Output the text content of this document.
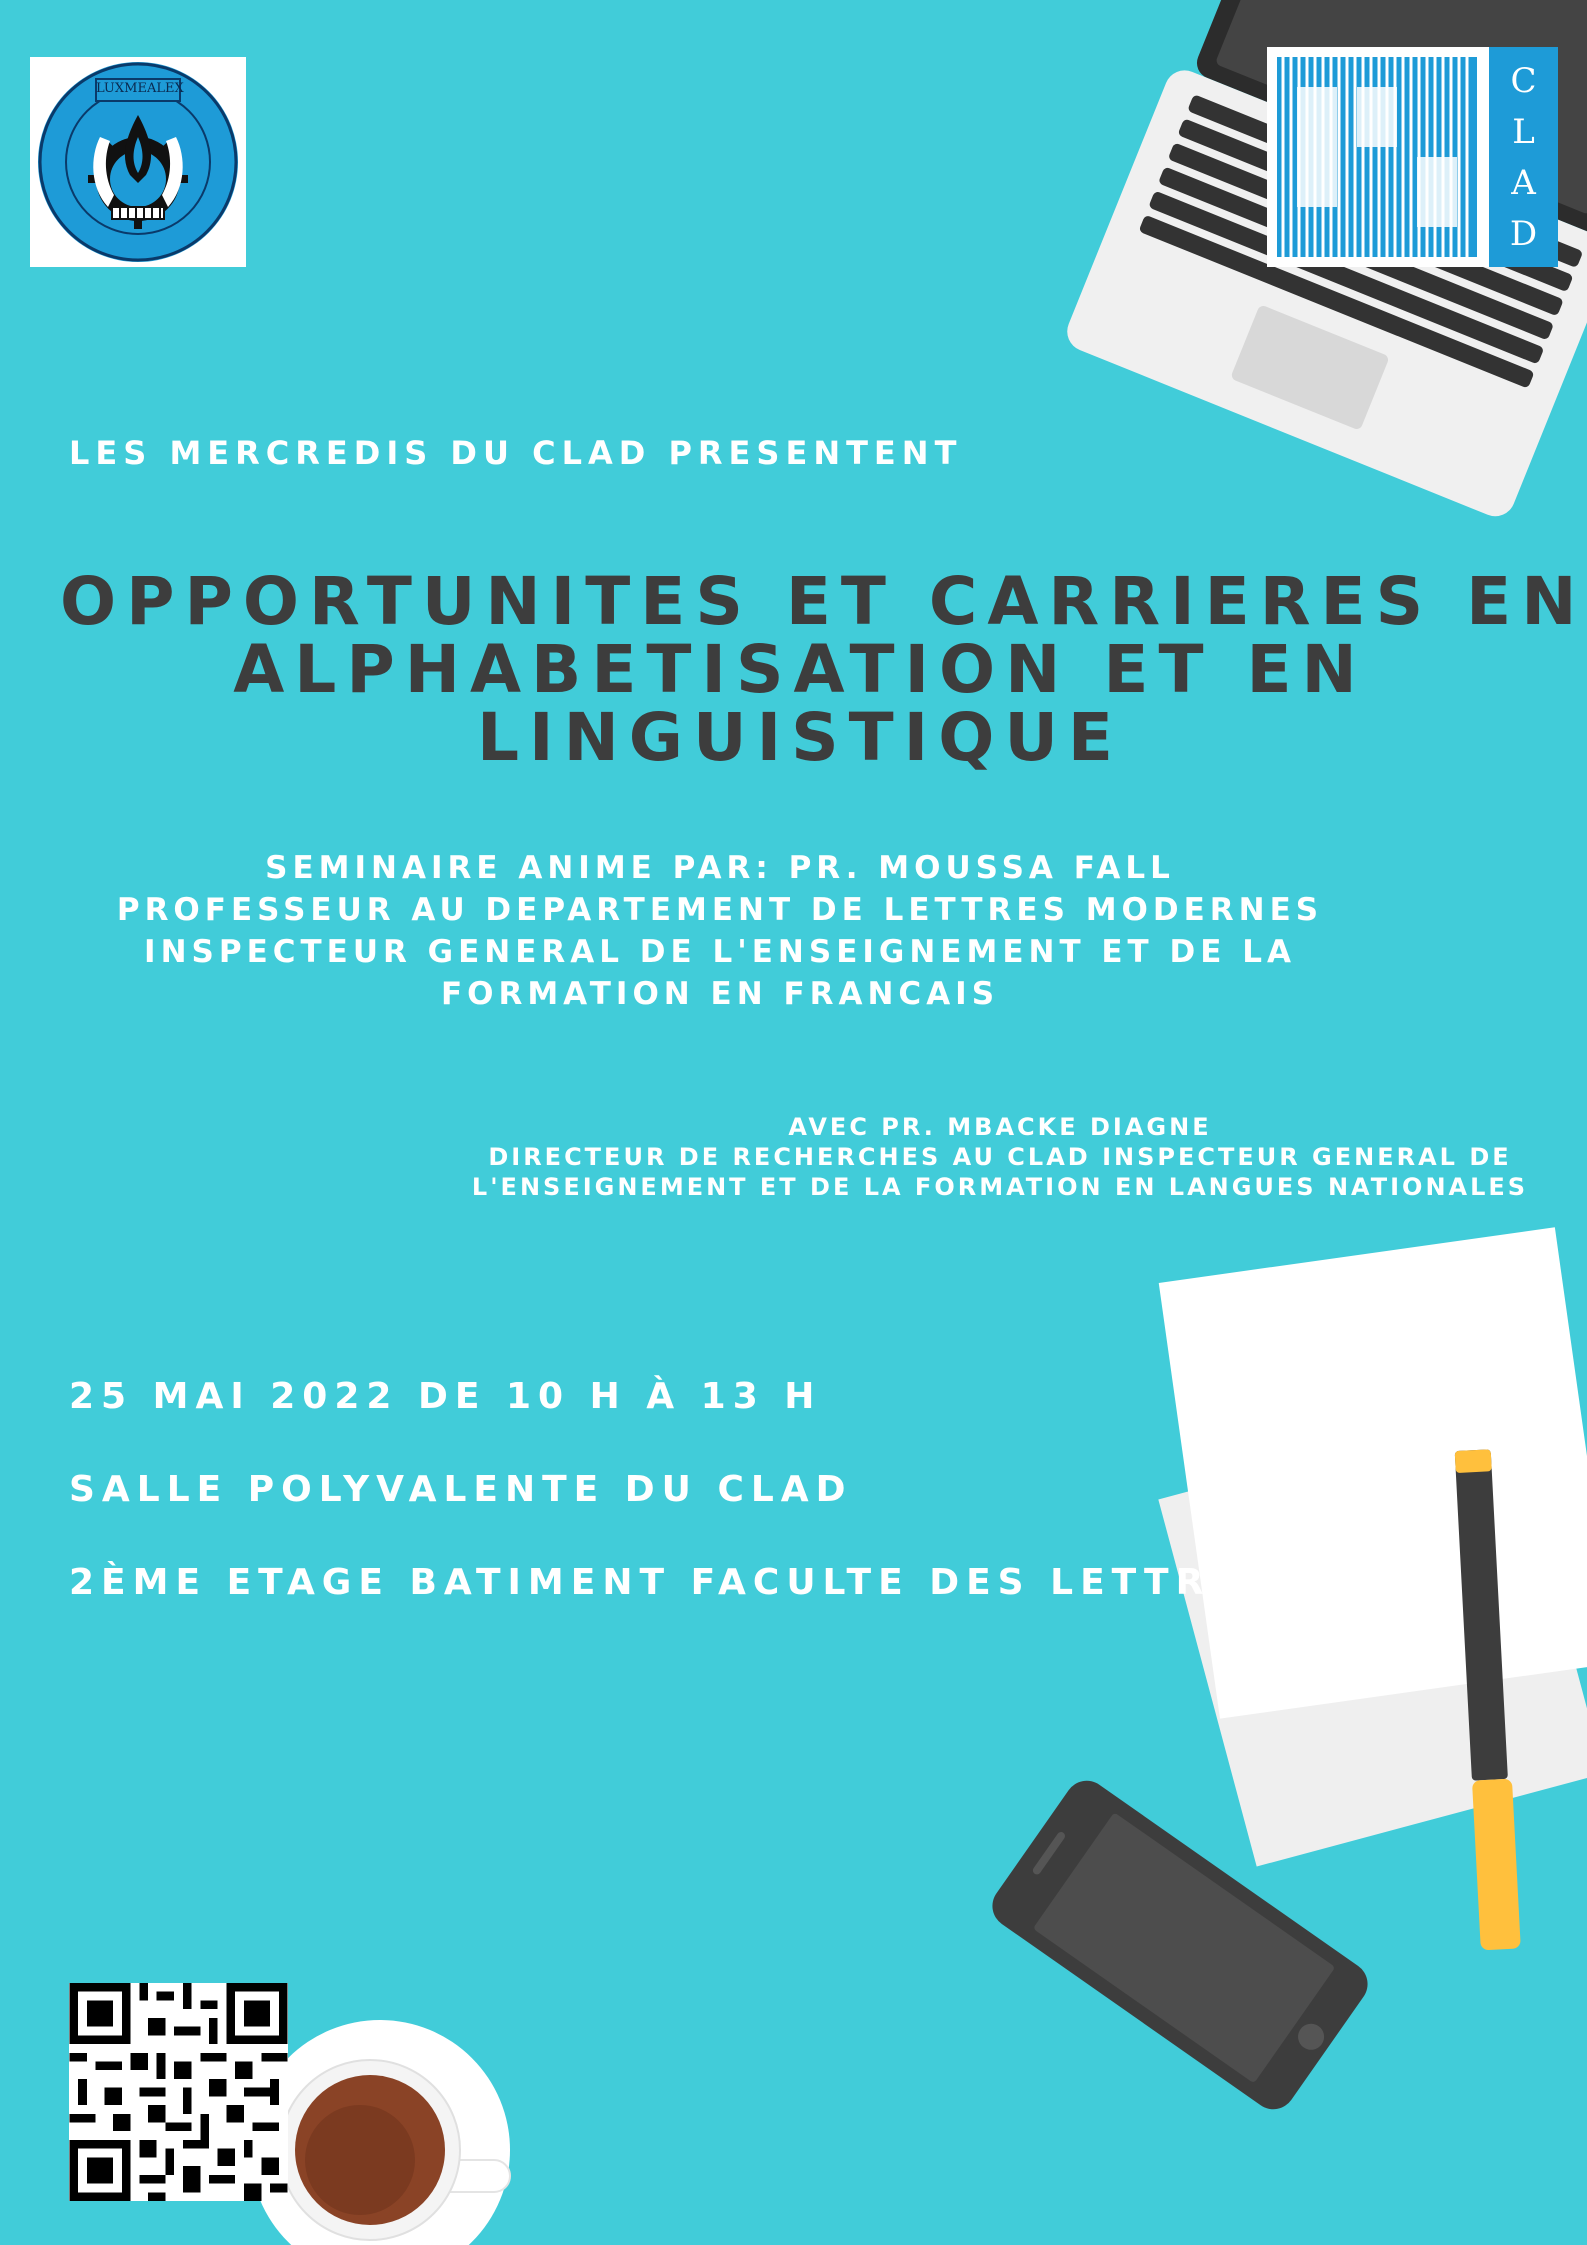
LUX MEA LEX	C
L
A
D
LES MERCREDIS DU CLAD PRESENTENT
OPPORTUNITES ET CARRIERES EN
ALPHABETISATION ET EN
LINGUISTIQUE
SEMINAIRE ANIME PAR: PR. MOUSSA FALL
PROFESSEUR AU DEPARTEMENT DE LETTRES MODERNES
INSPECTEUR GENERAL DE L'ENSEIGNEMENT ET DE LA
FORMATION EN FRANCAIS
AVEC PR. MBACKE DIAGNE
DIRECTEUR DE RECHERCHES AU CLAD INSPECTEUR GENERAL DE
L'ENSEIGNEMENT ET DE LA FORMATION EN LANGUES NATIONALES
25 MAI 2022 DE 10 H À 13 H
SALLE POLYVALENTE DU CLAD
2ÈME ETAGE BATIMENT FACULTE DES LETTRES
